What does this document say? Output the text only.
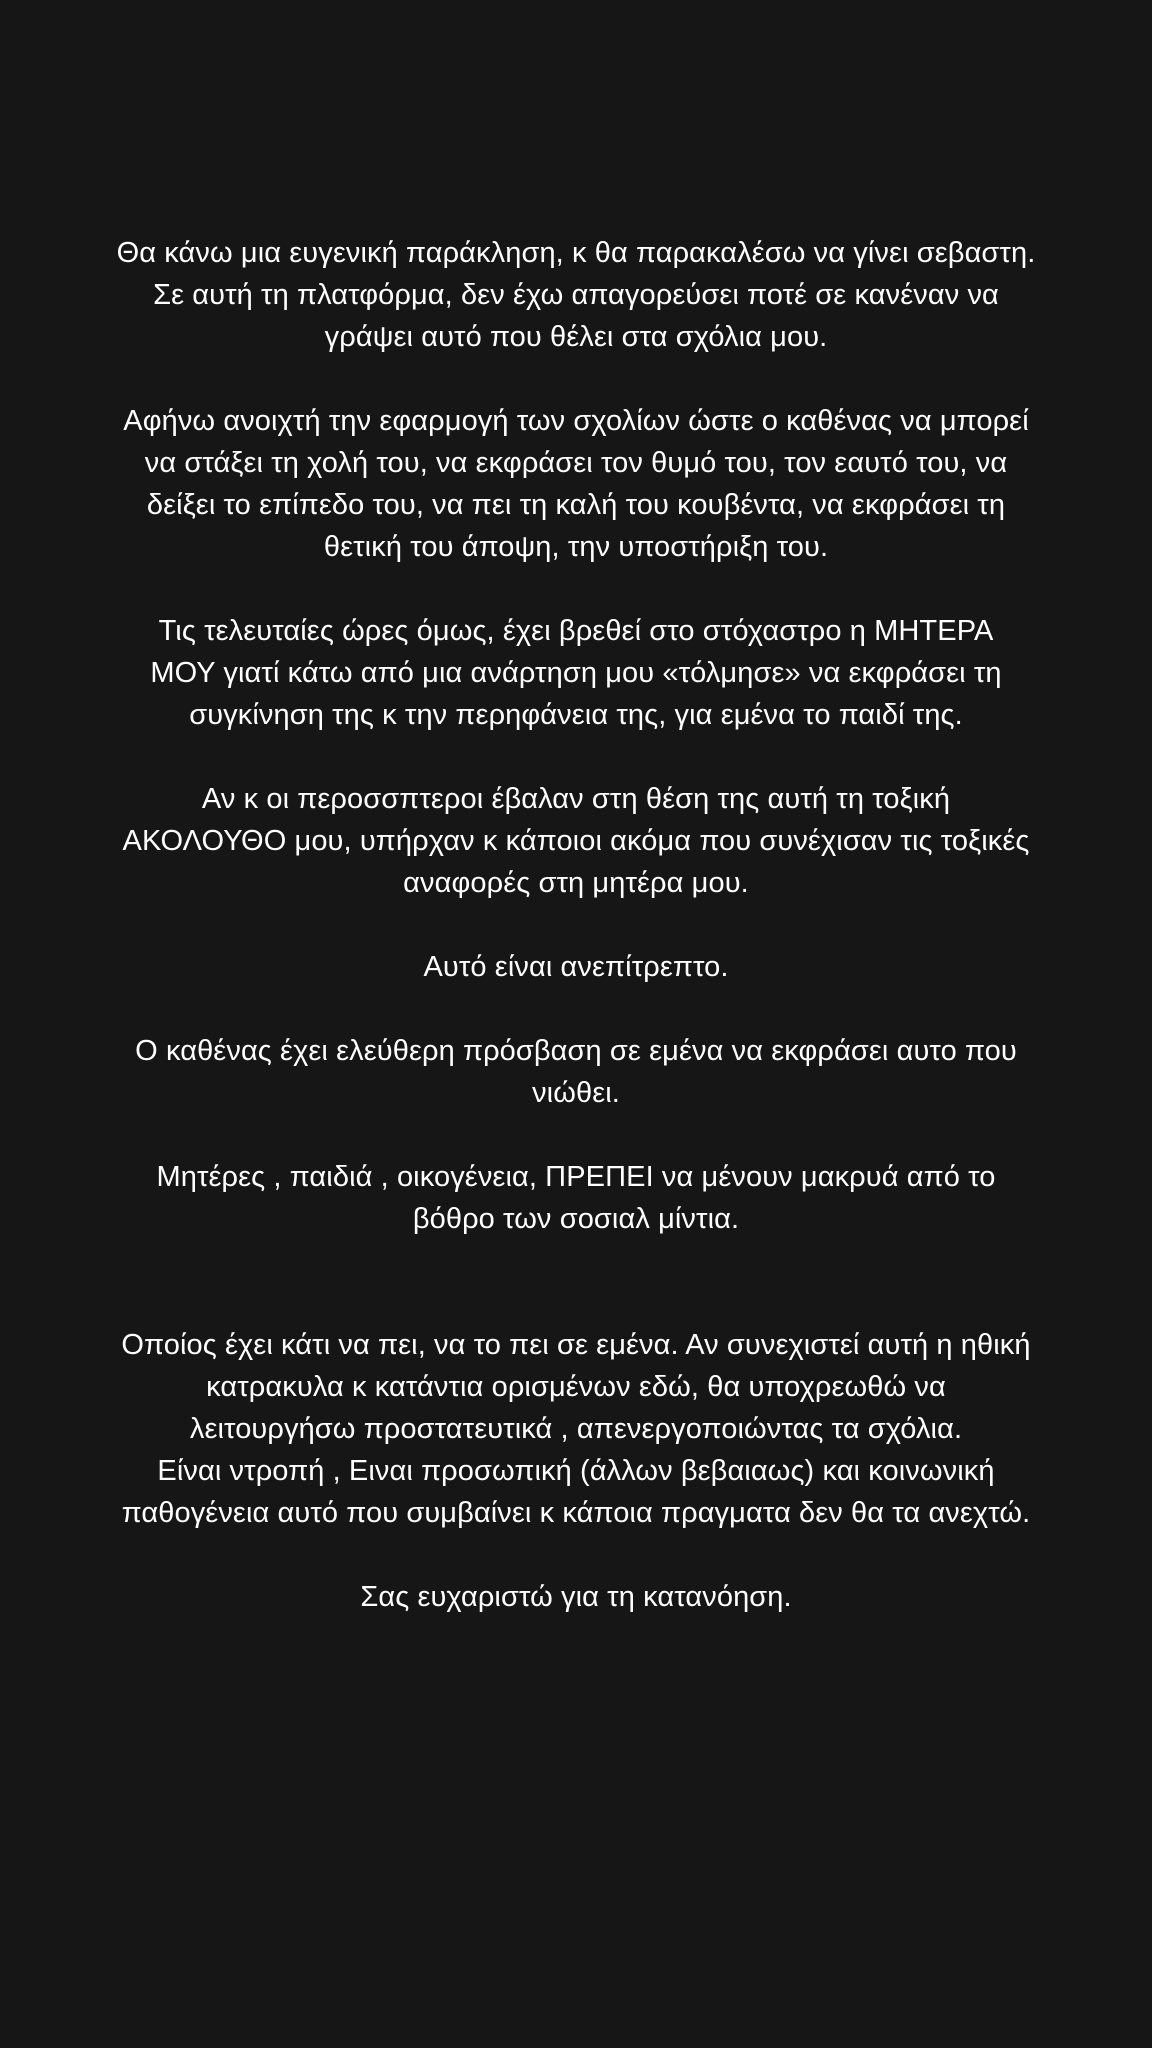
Θα κάνω μια ευγενική παράκληση, κ θα παρακαλέσω να γίνει σεβαστη.
Σε αυτή τη πλατφόρμα, δεν έχω απαγορεύσει ποτέ σε κανέναν να
γράψει αυτό που θέλει στα σχόλια μου.

Αφήνω ανοιχτή την εφαρμογή των σχολίων ώστε ο καθένας να μπορεί
να στάξει τη χολή του, να εκφράσει τον θυμό του, τον εαυτό του, να
δείξει το επίπεδο του, να πει τη καλή του κουβέντα, να εκφράσει τη
θετική του άποψη, την υποστήριξη του.

Τις τελευταίες ώρες όμως, έχει βρεθεί στο στόχαστρο η ΜΗΤΕΡΑ
ΜΟΥ γιατί κάτω από μια ανάρτηση μου «τόλμησε» να εκφράσει τη
συγκίνηση της κ την περηφάνεια της, για εμένα το παιδί της.

Αν κ οι περοσσπτεροι έβαλαν στη θέση της αυτή τη τοξική
ΑΚΟΛΟΥΘΟ μου, υπήρχαν κ κάποιοι ακόμα που συνέχισαν τις τοξικές
αναφορές στη μητέρα μου.

Αυτό είναι ανεπίτρεπτο.

Ο καθένας έχει ελεύθερη πρόσβαση σε εμένα να εκφράσει αυτο που
νιώθει.

Μητέρες , παιδιά , οικογένεια, ΠΡΕΠΕΙ να μένουν μακρυά από το
βόθρο των σοσιαλ μίντια.

Οποίος έχει κάτι να πει, να το πει σε εμένα. Αν συνεχιστεί αυτή η ηθική
κατρακυλα κ κατάντια ορισμένων εδώ, θα υποχρεωθώ να
λειτουργήσω προστατευτικά , απενεργοποιώντας τα σχόλια.
Είναι ντροπή , Ειναι προσωπική (άλλων βεβαιαως) και κοινωνική
παθογένεια αυτό που συμβαίνει κ κάποια πραγματα δεν θα τα ανεχτώ.

Σας ευχαριστώ για τη κατανόηση.
